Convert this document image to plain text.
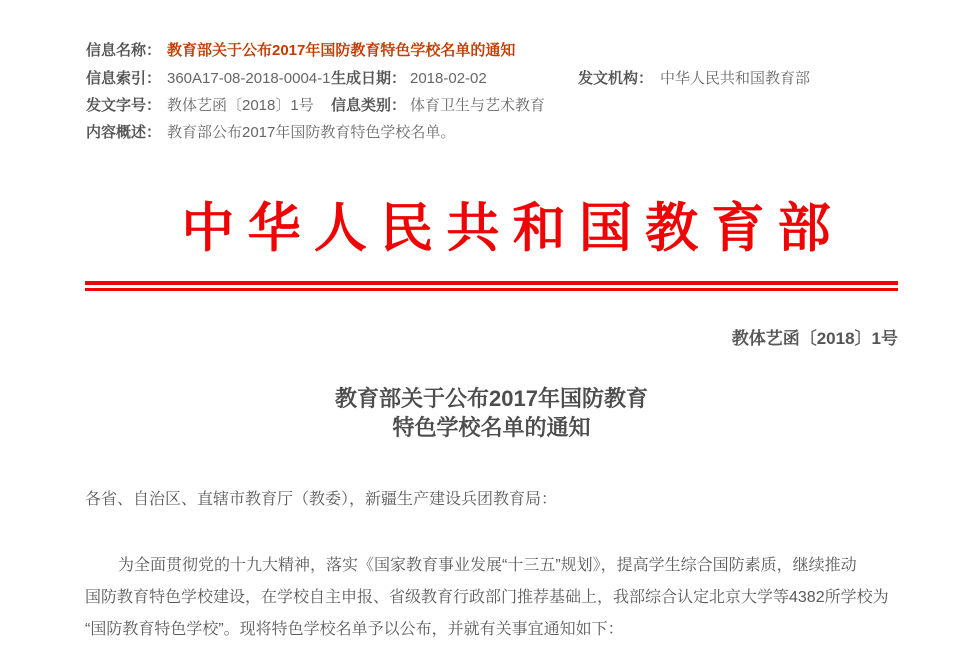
信息名称： 教育部关于公布2017年国防教育特色学校名单的通知
信息索引： 360A17-08-2018-0004-1 生成日期： 2018-02-02	发文机构： 中华人民共和国教育部
发文字号： 教体艺函〔2018〕1号 信息类别： 体育卫生与艺术教育
内容概述： 教育部公布2017年国防教育特色学校名单。
中 华 人 民 共 和 国 教 育 部
教体艺函〔2018〕1号
教育部关于公布2017年国防教育
特色学校名单的通知
各省、自治区、直辖市教育厅（教委），新疆生产建设兵团教育局：
为全面贯彻党的十九大精神，落实《国家教育事业发展“十三五”规划》，提高学生综合国防素质，继续推动
国防教育特色学校建设，在学校自主申报、省级教育行政部门推荐基础上，我部综合认定北京大学等4382所学校为
“国防教育特色学校”。现将特色学校名单予以公布，并就有关事宜通知如下：
